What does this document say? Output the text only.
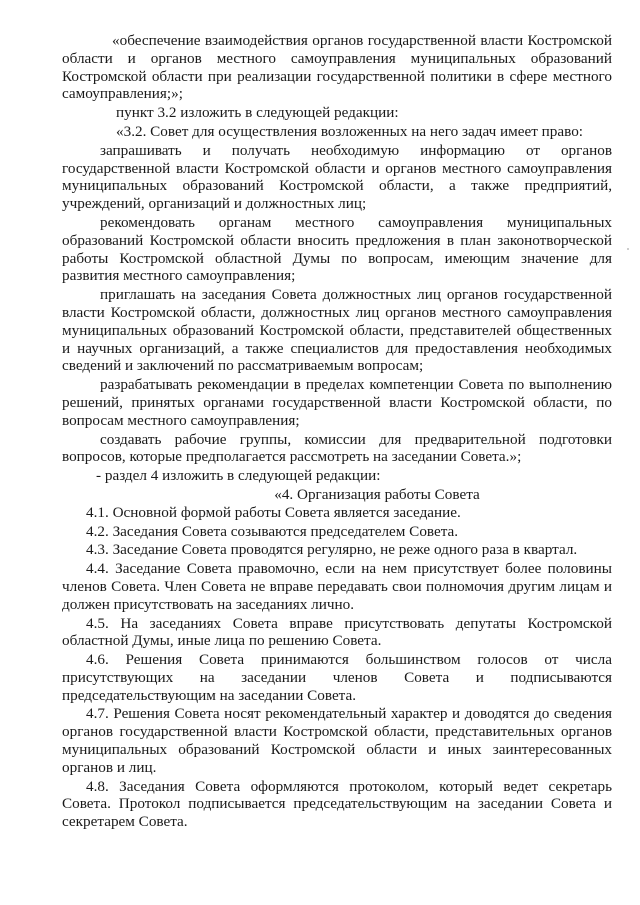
«обеспечение взаимодействия органов государственной власти Костромской области и органов местного самоуправления муниципальных образований Костромской области при реализации государственной политики в сфере местного самоуправления;»;

пункт 3.2 изложить в следующей редакции:

«3.2. Совет для осуществления возложенных на него задач имеет право:

запрашивать и получать необходимую информацию от органов государственной власти Костромской области и органов местного самоуправления муниципальных образований Костромской области, а также предприятий, учреждений, организаций и должностных лиц;

рекомендовать органам местного самоуправления муниципальных образований Костромской области вносить предложения в план законотворческой работы Костромской областной Думы по вопросам, имеющим значение для развития местного самоуправления;

приглашать на заседания Совета должностных лиц органов государственной власти Костромской области, должностных лиц органов местного самоуправления муниципальных образований Костромской области, представителей общественных и научных организаций, а также специалистов для предоставления необходимых сведений и заключений по рассматриваемым вопросам;

разрабатывать рекомендации в пределах компетенции Совета по выполнению решений, принятых органами государственной власти Костромской области, по вопросам местного самоуправления;

создавать рабочие группы, комиссии для предварительной подготовки вопросов, которые предполагается рассмотреть на заседании Совета.»;

- раздел 4 изложить в следующей редакции:

«4. Организация работы Совета

4.1. Основной формой работы Совета является заседание.

4.2. Заседания Совета созываются председателем Совета.

4.3. Заседание Совета проводятся регулярно, не реже одного раза в квартал.

4.4. Заседание Совета правомочно, если на нем присутствует более половины членов Совета. Член Совета не вправе передавать свои полномочия другим лицам и должен присутствовать на заседаниях лично.

4.5. На заседаниях Совета вправе присутствовать депутаты Костромской областной Думы, иные лица по решению Совета.

4.6. Решения Совета принимаются большинством голосов от числа присутствующих на заседании членов Совета и подписываются председательствующим на заседании Совета.

4.7. Решения Совета носят рекомендательный характер и доводятся до сведения органов государственной власти Костромской области, представительных органов муниципальных образований Костромской области и иных заинтересованных органов и лиц.

4.8. Заседания Совета оформляются протоколом, который ведет секретарь Совета. Протокол подписывается председательствующим на заседании Совета и секретарем Совета.
